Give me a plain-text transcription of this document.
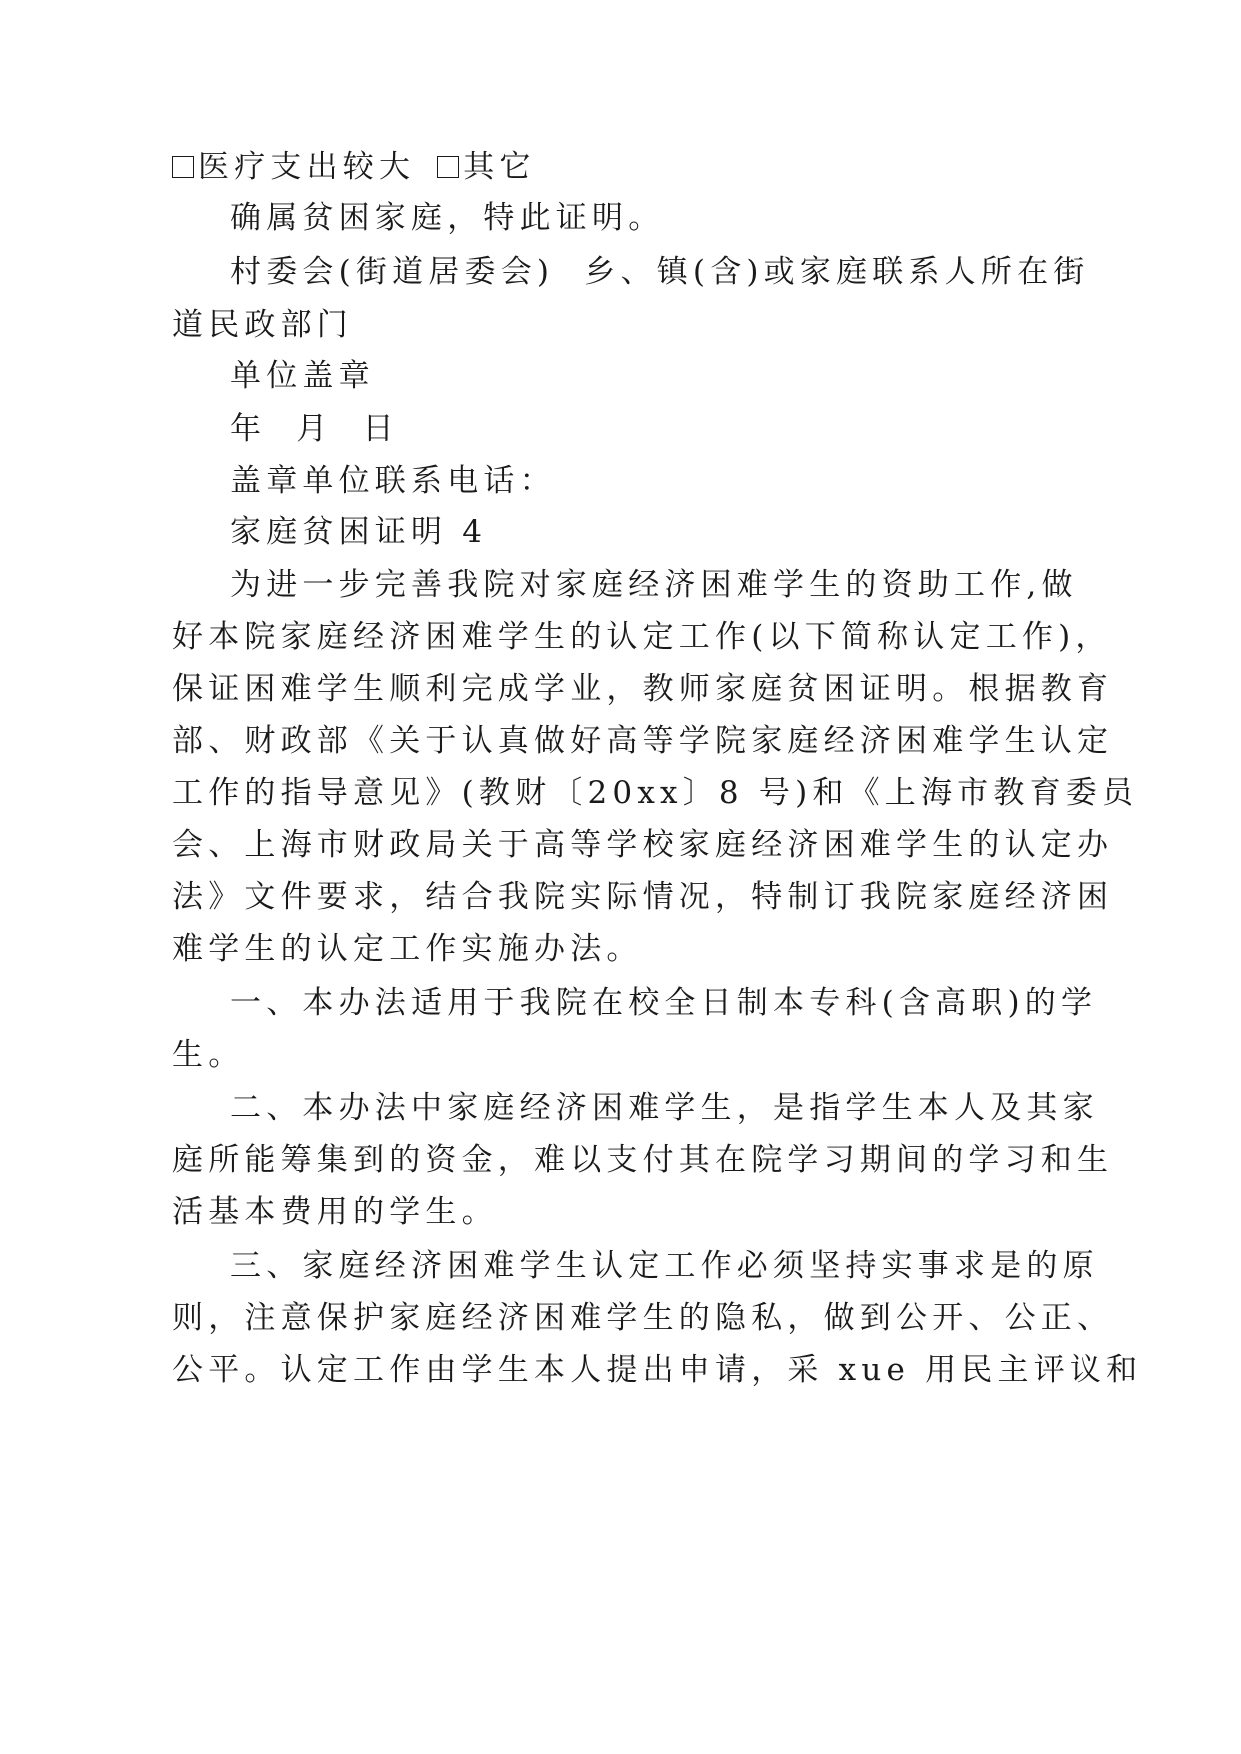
医疗支出较大 其它
确属贫困家庭，特此证明。
村委会(街道居委会)  乡、镇(含)或家庭联系人所在街
道民政部门
单位盖章
年  月  日
盖章单位联系电话：
家庭贫困证明 4
为进一步完善我院对家庭经济困难学生的资助工作,做
好本院家庭经济困难学生的认定工作(以下简称认定工作)，
保证困难学生顺利完成学业，教师家庭贫困证明。根据教育
部、财政部《关于认真做好高等学院家庭经济困难学生认定
工作的指导意见》(教财〔20xx〕8 号)和《上海市教育委员
会、上海市财政局关于高等学校家庭经济困难学生的认定办
法》文件要求，结合我院实际情况，特制订我院家庭经济困
难学生的认定工作实施办法。
一、本办法适用于我院在校全日制本专科(含高职)的学
生。
二、本办法中家庭经济困难学生，是指学生本人及其家
庭所能筹集到的资金，难以支付其在院学习期间的学习和生
活基本费用的学生。
三、家庭经济困难学生认定工作必须坚持实事求是的原
则，注意保护家庭经济困难学生的隐私，做到公开、公正、
公平。认定工作由学生本人提出申请，采 xue 用民主评议和
